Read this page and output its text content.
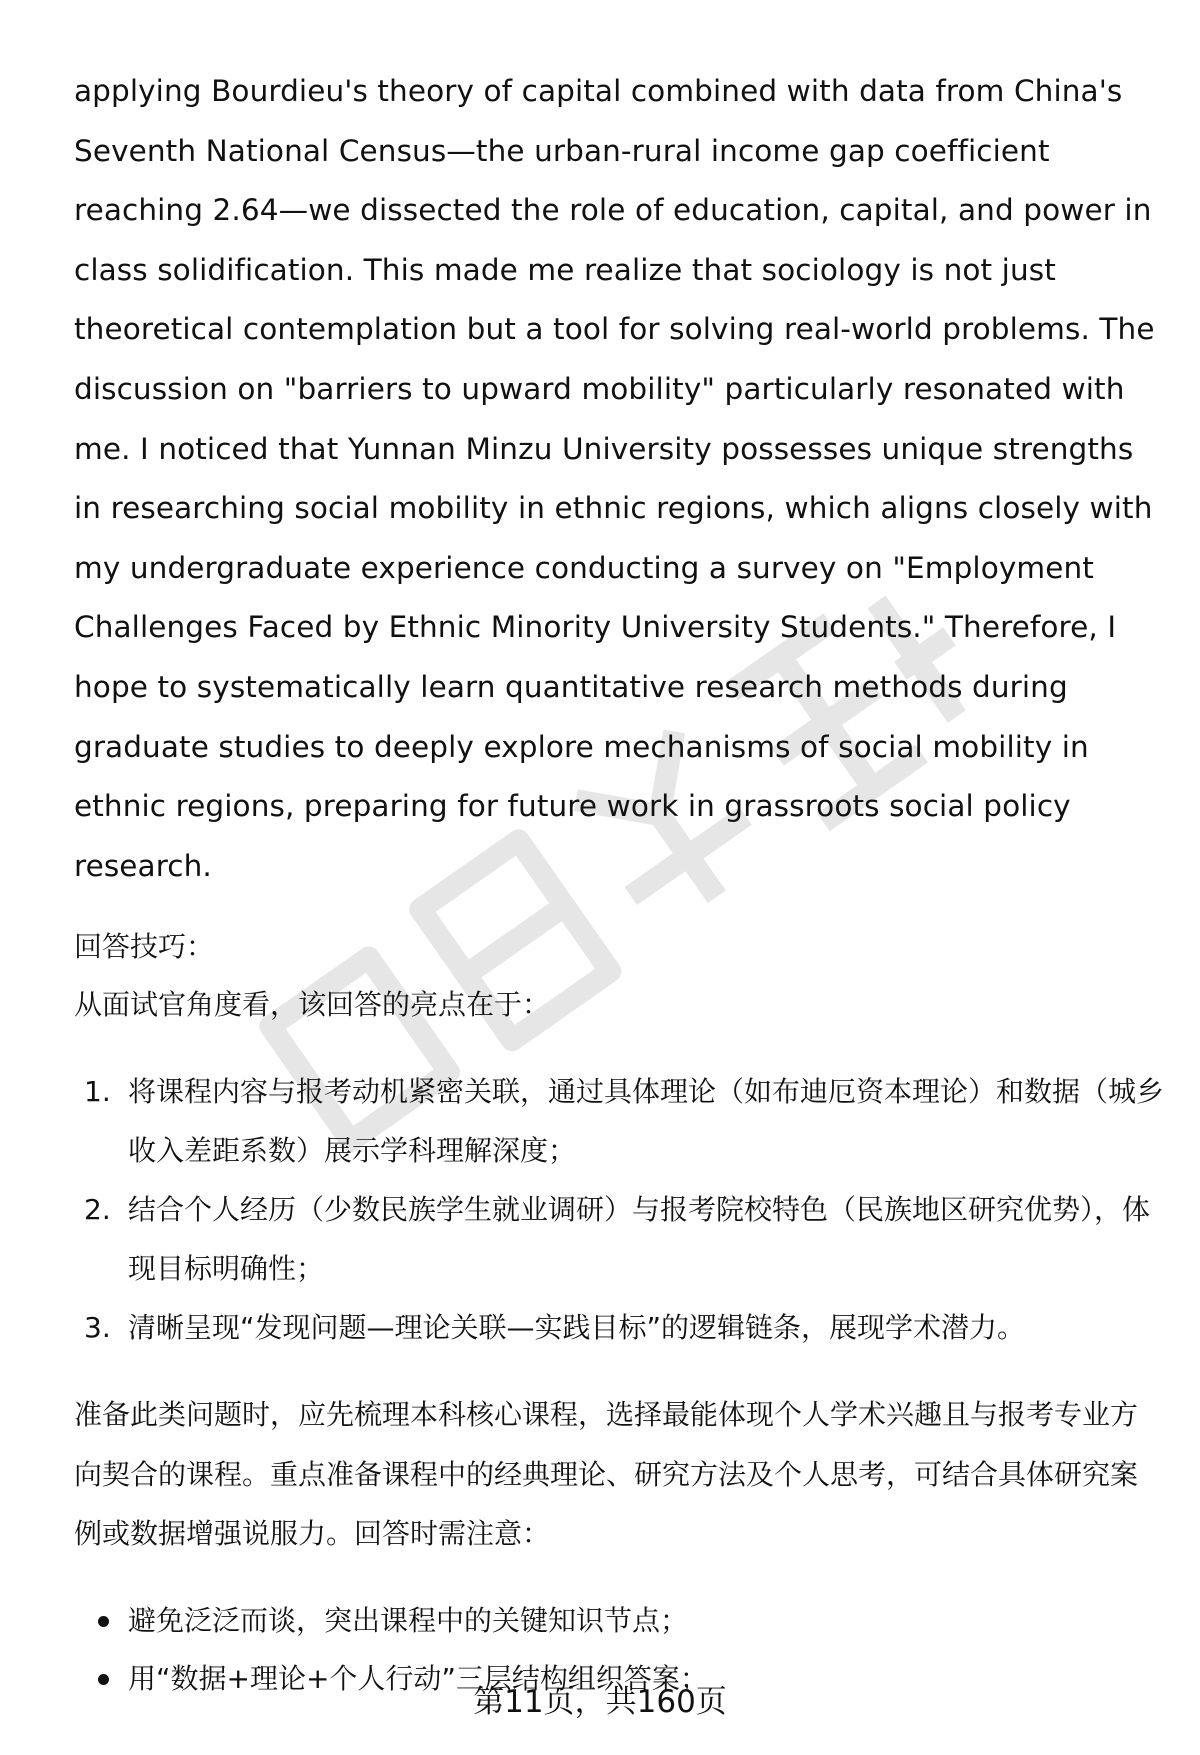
applying Bourdieu's theory of capital combined with data from China's Seventh National Census—the urban-rural income gap coefficient reaching 2.64—we dissected the role of education, capital, and power in class solidification. This made me realize that sociology is not just theoretical contemplation but a tool for solving real-world problems. The discussion on "barriers to upward mobility" particularly resonated with me. I noticed that Yunnan Minzu University possesses unique strengths in researching social mobility in ethnic regions, which aligns closely with my undergraduate experience conducting a survey on "Employment Challenges Faced by Ethnic Minority University Students." Therefore, I hope to systematically learn quantitative research methods during graduate studies to deeply explore mechanisms of social mobility in ethnic regions, preparing for future work in grassroots social policy research.

回答技巧：

从面试官角度看，该回答的亮点在于：

1. 将课程内容与报考动机紧密关联，通过具体理论（如布迪厄资本理论）和数据（城乡收入差距系数）展示学科理解深度；
2. 结合个人经历（少数民族学生就业调研）与报考院校特色（民族地区研究优势），体现目标明确性；
3. 清晰呈现“发现问题—理论关联—实践目标”的逻辑链条，展现学术潜力。

准备此类问题时，应先梳理本科核心课程，选择最能体现个人学术兴趣且与报考专业方向契合的课程。重点准备课程中的经典理论、研究方法及个人思考，可结合具体研究案例或数据增强说服力。回答时需注意：

避免泛泛而谈，突出课程中的关键知识节点；
用“数据+理论+个人行动”三层结构组织答案；
第11页，共160页
